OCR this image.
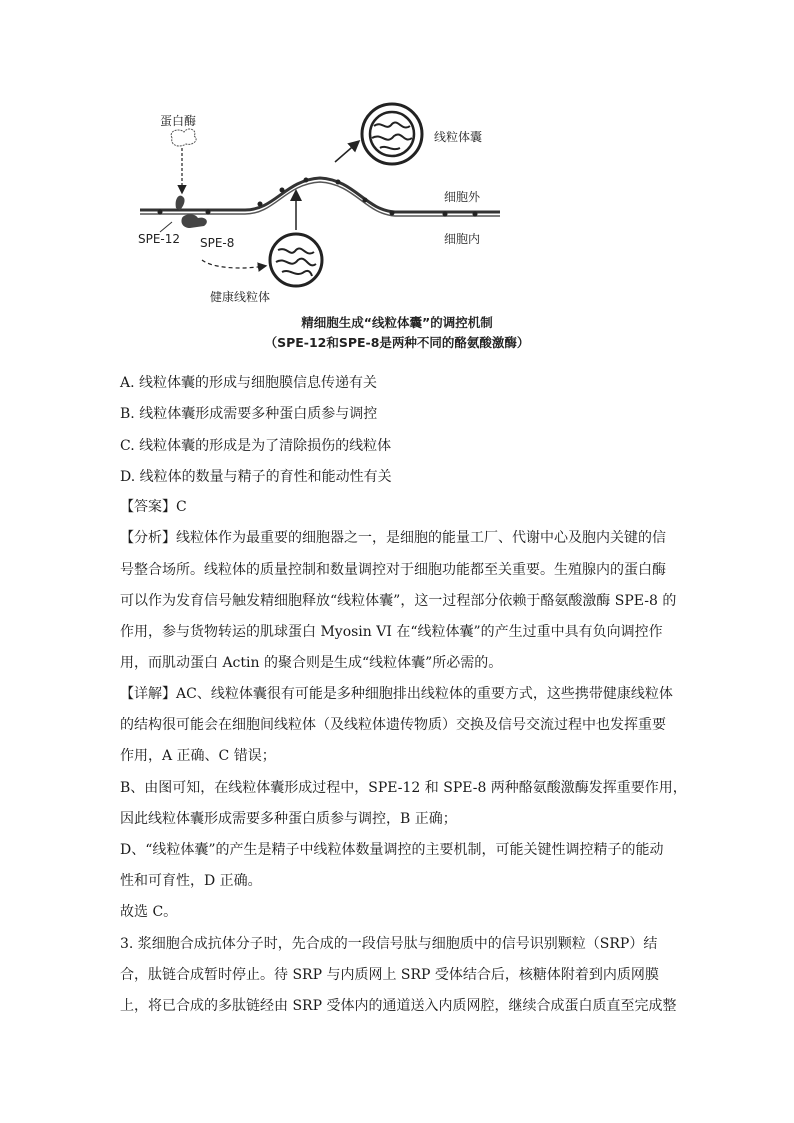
蛋白酶
线粒体囊
细胞外
细胞内
SPE-12 SPE-8
健康线粒体
精细胞生成“线粒体囊”的调控机制
（SPE-12和SPE-8是两种不同的酪氨酸激酶）
A. 线粒体囊的形成与细胞膜信息传递有关
B. 线粒体囊形成需要多种蛋白质参与调控
C. 线粒体囊的形成是为了清除损伤的线粒体
D. 线粒体的数量与精子的育性和能动性有关
【答案】C
【分析】线粒体作为最重要的细胞器之一，是细胞的能量工厂、代谢中心及胞内关键的信
号整合场所。线粒体的质量控制和数量调控对于细胞功能都至关重要。生殖腺内的蛋白酶
可以作为发育信号触发精细胞释放“线粒体囊”，这一过程部分依赖于酪氨酸激酶 SPE-8 的
作用，参与货物转运的肌球蛋白 Myosin VI 在“线粒体囊”的产生过重中具有负向调控作
用，而肌动蛋白 Actin 的聚合则是生成“线粒体囊”所必需的。
【详解】AC、线粒体囊很有可能是多种细胞排出线粒体的重要方式，这些携带健康线粒体
的结构很可能会在细胞间线粒体（及线粒体遗传物质）交换及信号交流过程中也发挥重要
作用，A 正确、C 错误；
B、由图可知，在线粒体囊形成过程中，SPE-12 和 SPE-8 两种酪氨酸激酶发挥重要作用，
因此线粒体囊形成需要多种蛋白质参与调控，B 正确；
D、“线粒体囊”的产生是精子中线粒体数量调控的主要机制，可能关键性调控精子的能动
性和可育性，D 正确。
故选 C。
3. 浆细胞合成抗体分子时，先合成的一段信号肽与细胞质中的信号识别颗粒（SRP）结
合，肽链合成暂时停止。待 SRP 与内质网上 SRP 受体结合后，核糖体附着到内质网膜
上，将已合成的多肽链经由 SRP 受体内的通道送入内质网腔，继续合成蛋白质直至完成整
